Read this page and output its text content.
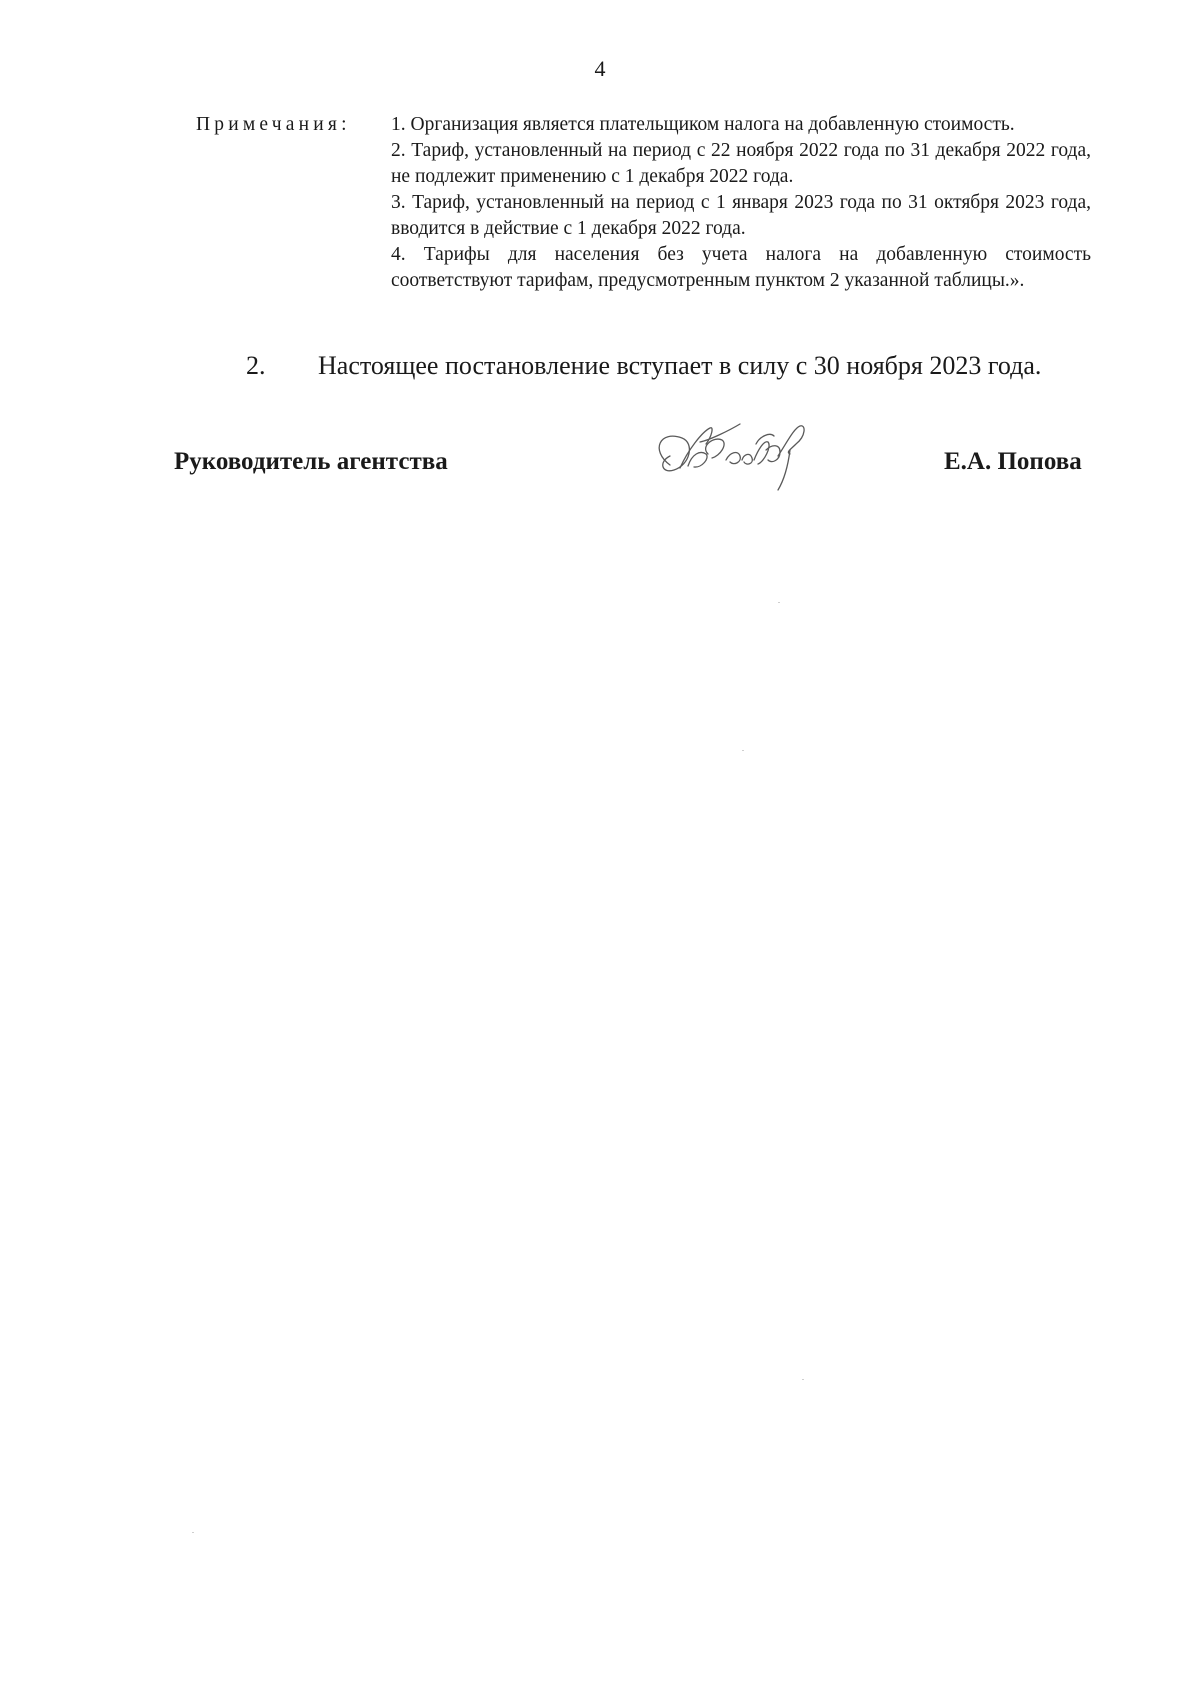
4
Примечания: 1. Организация является плательщиком налога на добавленную стоимость.
2. Тариф, установленный на период с 22 ноября 2022 года по 31 декабря 2022 года, не подлежит применению с 1 декабря 2022 года.
3. Тариф, установленный на период с 1 января 2023 года по 31 октября 2023 года, вводится в действие с 1 декабря 2022 года.
4. Тарифы для населения без учета налога на добавленную стоимость соответствуют тарифам, предусмотренным пунктом 2 указанной таблицы.».
2. Настоящее постановление вступает в силу с 30 ноября 2023 года.
Руководитель агентства	Е.А. Попова
